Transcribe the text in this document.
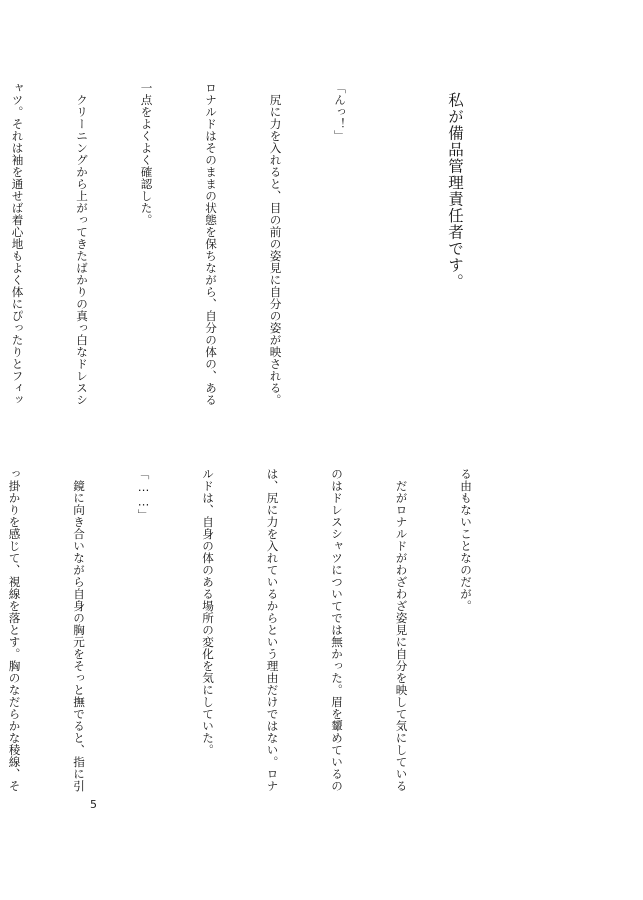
私が備品管理責任者です。

「んっ！」

　尻に力を入れると、目の前の姿見に自分の姿が映される。

ロナルドはそのままの状態を保ちながら、自分の体の、ある

一点をよくよく確認した。

　クリーニングから上がってきたばかりの真っ白なドレスシ

ャツ。それは袖を通せば着心地もよく体にぴったりとフィッ

る由もないことなのだが。

　だがロナルドがわざわざ姿見に自分を映して気にしている

のはドレスシャツについてでは無かった。眉を顰めているの

は、尻に力を入れているからという理由だけではない。ロナ

ルドは、自身の体のある場所の変化を気にしていた。

「……」

　鏡に向き合いながら自身の胸元をそっと撫でると、指に引

っ掛かりを感じて、視線を落とす。胸のなだらかな稜線、そ

5
